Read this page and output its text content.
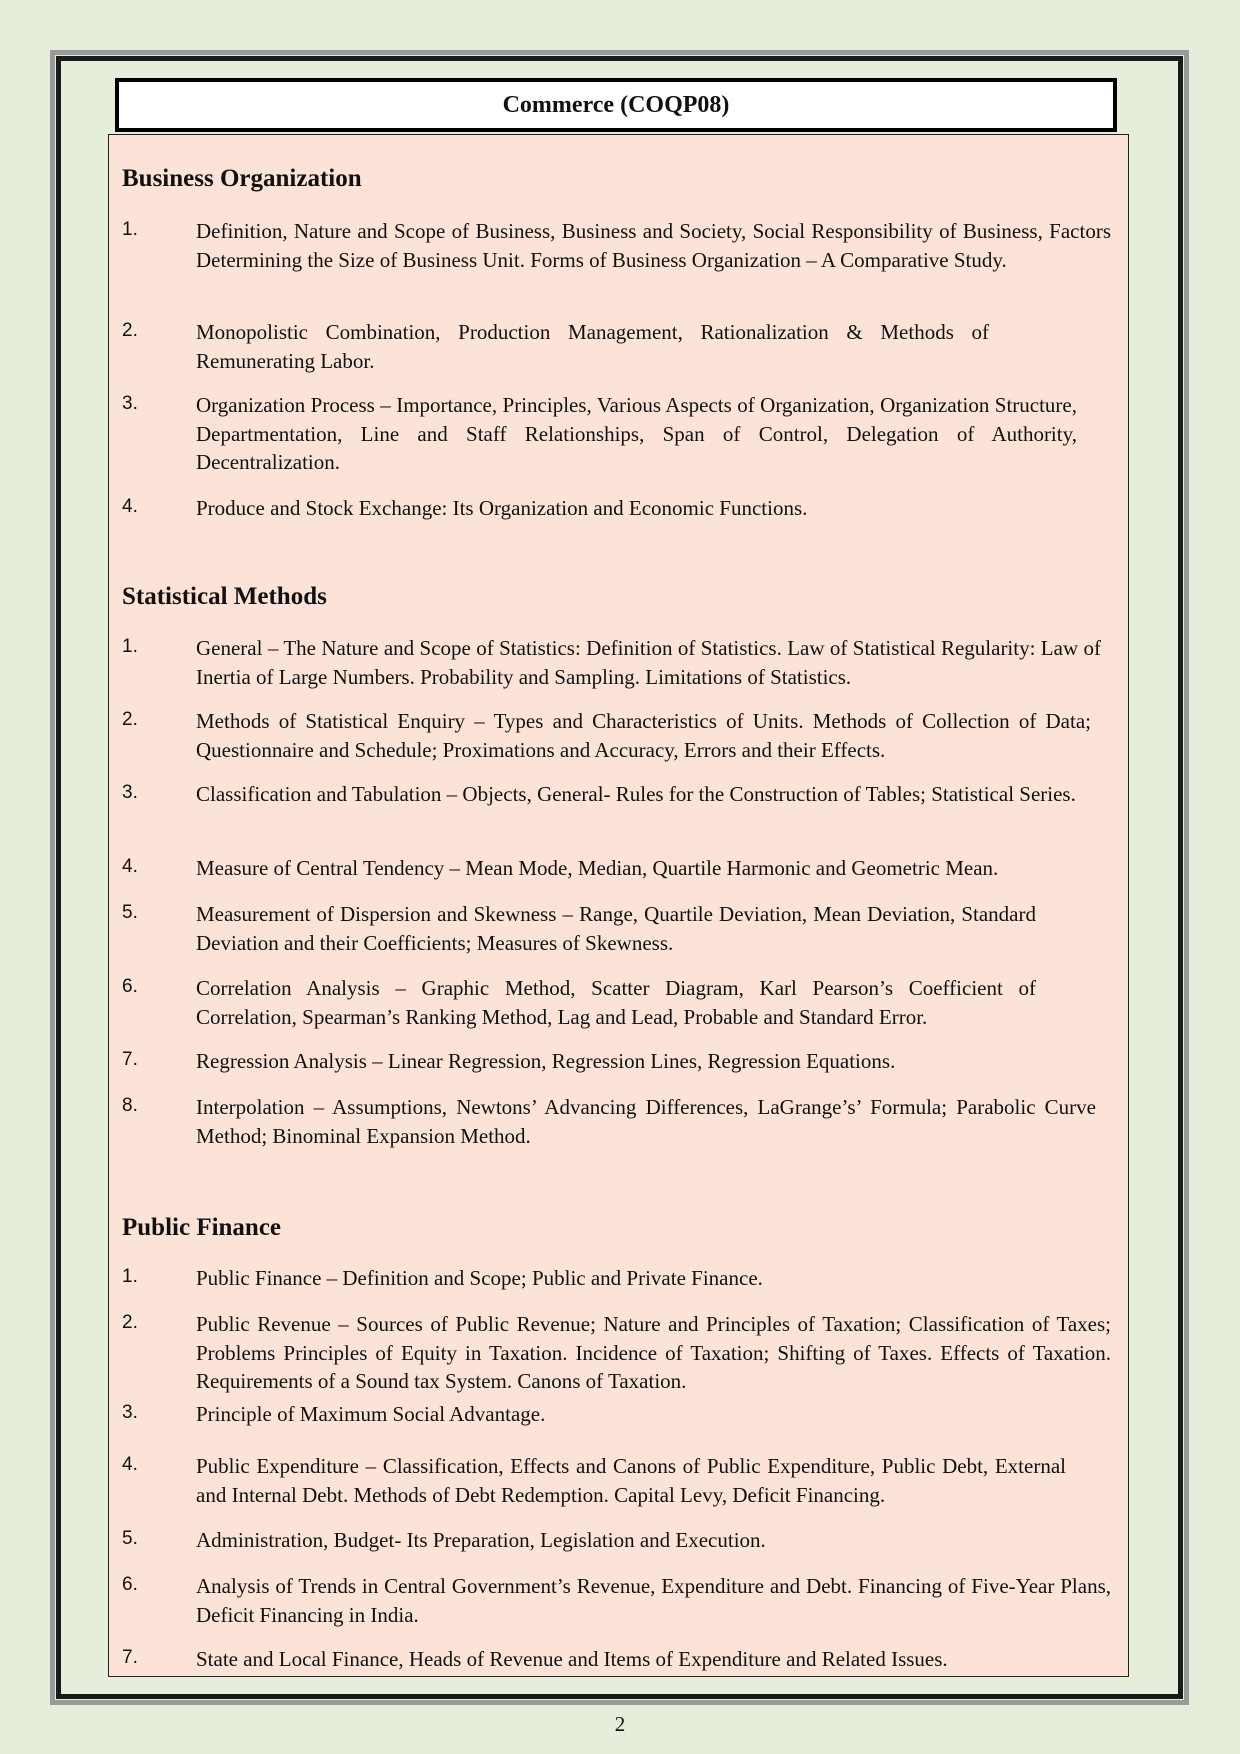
Commerce (COQP08)
Business Organization
1.	Definition, Nature and Scope of Business, Business and Society, Social Responsibility of Business, Factors Determining the Size of Business Unit. Forms of Business Organization – A Comparative Study.
2.	Monopolistic Combination, Production Management, Rationalization & Methods of Remunerating Labor.
3.	Organization Process – Importance, Principles, Various Aspects of Organization, Organization Structure, Departmentation, Line and Staff Relationships, Span of Control, Delegation of Authority, Decentralization.
4.	Produce and Stock Exchange: Its Organization and Economic Functions.
Statistical Methods
1.	General – The Nature and Scope of Statistics: Definition of Statistics. Law of Statistical Regularity: Law of Inertia of Large Numbers. Probability and Sampling. Limitations of Statistics.
2.	Methods of Statistical Enquiry – Types and Characteristics of Units. Methods of Collection of Data; Questionnaire and Schedule; Proximations and Accuracy, Errors and their Effects.
3.	Classification and Tabulation – Objects, General- Rules for the Construction of Tables; Statistical Series.
4.	Measure of Central Tendency – Mean Mode, Median, Quartile Harmonic and Geometric Mean.
5.	Measurement of Dispersion and Skewness – Range, Quartile Deviation, Mean Deviation, Standard Deviation and their Coefficients; Measures of Skewness.
6.	Correlation Analysis – Graphic Method, Scatter Diagram, Karl Pearson’s Coefficient of Correlation, Spearman’s Ranking Method, Lag and Lead, Probable and Standard Error.
7.	Regression Analysis – Linear Regression, Regression Lines, Regression Equations.
8.	Interpolation – Assumptions, Newtons’ Advancing Differences, LaGrange’s’ Formula; Parabolic Curve Method; Binominal Expansion Method.
Public Finance
1.	Public Finance – Definition and Scope; Public and Private Finance.
2.	Public Revenue – Sources of Public Revenue; Nature and Principles of Taxation; Classification of Taxes; Problems Principles of Equity in Taxation. Incidence of Taxation; Shifting of Taxes. Effects of Taxation. Requirements of a Sound tax System. Canons of Taxation.
3.	Principle of Maximum Social Advantage.
4.	Public Expenditure – Classification, Effects and Canons of Public Expenditure, Public Debt, External and Internal Debt. Methods of Debt Redemption. Capital Levy, Deficit Financing.
5.	Administration, Budget- Its Preparation, Legislation and Execution.
6.	Analysis of Trends in Central Government’s Revenue, Expenditure and Debt. Financing of Five-Year Plans, Deficit Financing in India.
7.	State and Local Finance, Heads of Revenue and Items of Expenditure and Related Issues.
2
